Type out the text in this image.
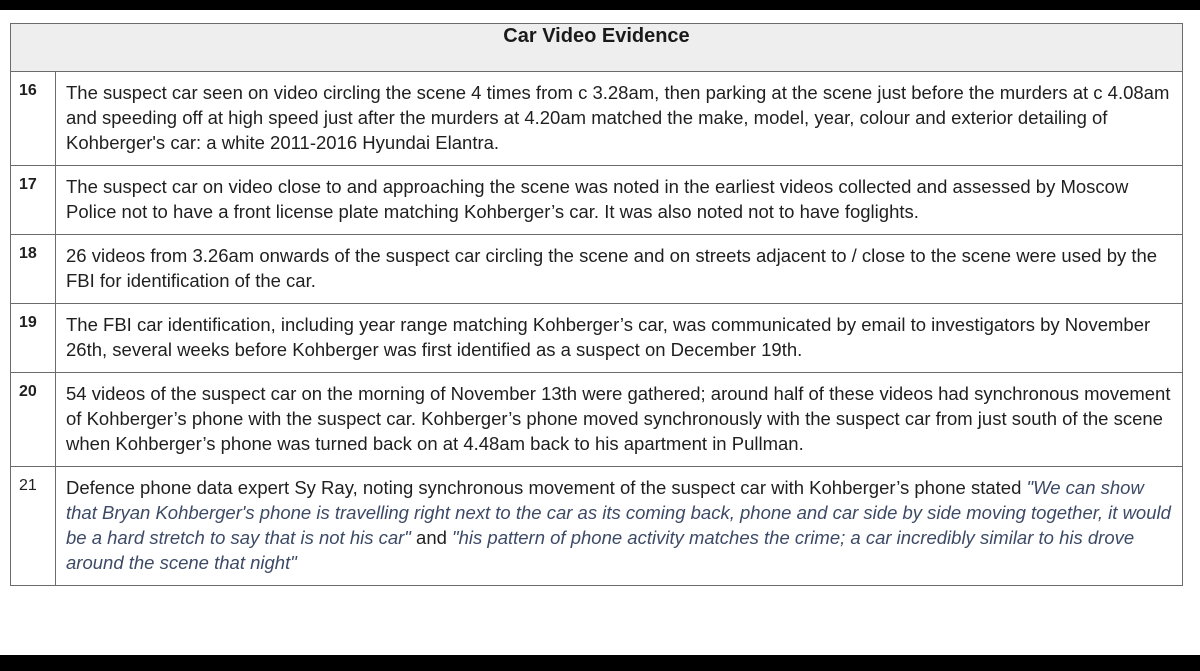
Car Video Evidence	
16	The suspect car seen on video circling the scene 4 times from c 3.28am, then parking at the scene just before the murders at c 4.08am and speeding off at high speed just after the murders at 4.20am matched the make, model, year, colour and exterior detailing of Kohberger's car: a white 2011-2016 Hyundai Elantra.
17	The suspect car on video close to and approaching the scene was noted in the earliest videos collected and assessed by Moscow Police not to have a front license plate matching Kohberger’s car. It was also noted not to have foglights.
18	26 videos from 3.26am onwards of the suspect car circling the scene and on streets adjacent to / close to the scene were used by the FBI for identification of the car.
19	The FBI car identification, including year range matching Kohberger’s car, was communicated by email to investigators by November 26th, several weeks before Kohberger was first identified as a suspect on December 19th.
20	54 videos of the suspect car on the morning of November 13th were gathered; around half of these videos had synchronous movement of Kohberger’s phone with the suspect car. Kohberger’s phone moved synchronously with the suspect car from just south of the scene when Kohberger’s phone was turned back on at 4.48am back to his apartment in Pullman.
21	Defence phone data expert Sy Ray, noting synchronous movement of the suspect car with Kohberger’s phone stated "We can show that Bryan Kohberger's phone is travelling right next to the car as its coming back, phone and car side by side moving together, it would be a hard stretch to say that is not his car" and "his pattern of phone activity matches the crime; a car incredibly similar to his drove around the scene that night"
